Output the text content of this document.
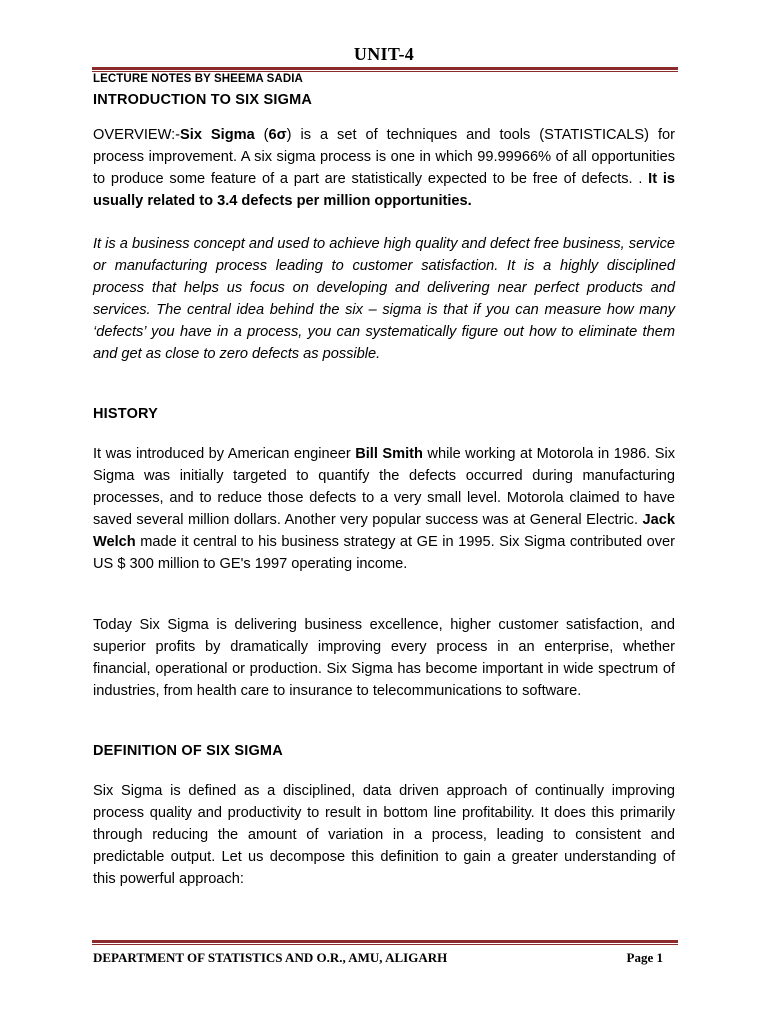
UNIT-4
LECTURE NOTES BY SHEEMA SADIA
INTRODUCTION TO SIX SIGMA
OVERVIEW:-Six Sigma (6σ) is a set of techniques and tools (STATISTICALS) for process improvement. A six sigma process is one in which 99.99966% of all opportunities to produce some feature of a part are statistically expected to be free of defects. . It is usually related to 3.4 defects per million opportunities.
It is a business concept and used to achieve high quality and defect free business, service or manufacturing process leading to customer satisfaction. It is a highly disciplined process that helps us focus on developing and delivering near perfect products and services. The central idea behind the six – sigma is that if you can measure how many ‘defects’ you have in a process, you can systematically figure out how to eliminate them and get as close to zero defects as possible.
HISTORY
It was introduced by American engineer Bill Smith while working at Motorola in 1986. Six Sigma was initially targeted to quantify the defects occurred during manufacturing processes, and to reduce those defects to a very small level. Motorola claimed to have saved several million dollars. Another very popular success was at General Electric. Jack Welch made it central to his business strategy at GE in 1995. Six Sigma contributed over US $ 300 million to GE's 1997 operating income.
Today Six Sigma is delivering business excellence, higher customer satisfaction, and superior profits by dramatically improving every process in an enterprise, whether financial, operational or production. Six Sigma has become important in wide spectrum of industries, from health care to insurance to telecommunications to software.
DEFINITION OF SIX SIGMA
Six Sigma is defined as a disciplined, data driven approach of continually improving process quality and productivity to result in bottom line profitability. It does this primarily through reducing the amount of variation in a process, leading to consistent and predictable output. Let us decompose this definition to gain a greater understanding of this powerful approach:
DEPARTMENT OF STATISTICS AND O.R., AMU, ALIGARH	Page 1
